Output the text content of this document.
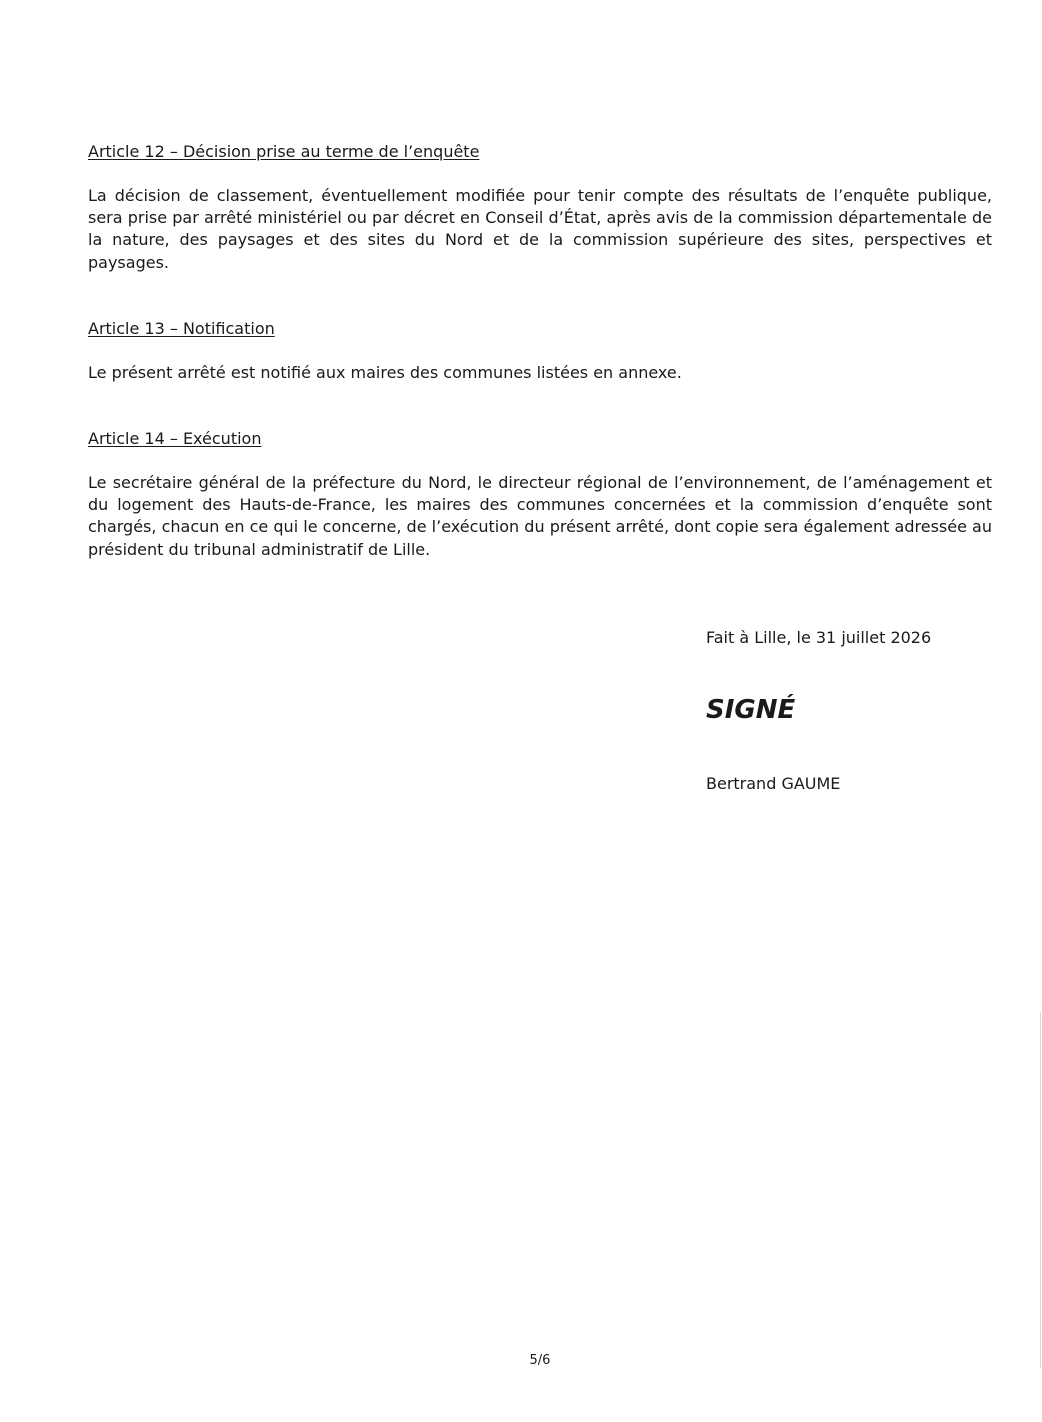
Article 12 – Décision prise au terme de l’enquête
La décision de classement, éventuellement modifiée pour tenir compte des résultats de l’enquête publique, sera prise par arrêté ministériel ou par décret en Conseil d’État, après avis de la commission départementale de la nature, des paysages et des sites du Nord et de la commission supérieure des sites, perspectives et paysages.
Article 13 – Notification
Le présent arrêté est notifié aux maires des communes listées en annexe.
Article 14 – Exécution
Le secrétaire général de la préfecture du Nord, le directeur régional de l’environnement, de l’aménagement et du logement des Hauts-de-France, les maires des communes concernées et la commission d’enquête sont chargés, chacun en ce qui le concerne, de l’exécution du présent arrêté, dont copie sera également adressée au président du tribunal administratif de Lille.
Fait à Lille, le 31 juillet 2026
SIGNÉ
Bertrand GAUME
5/6
